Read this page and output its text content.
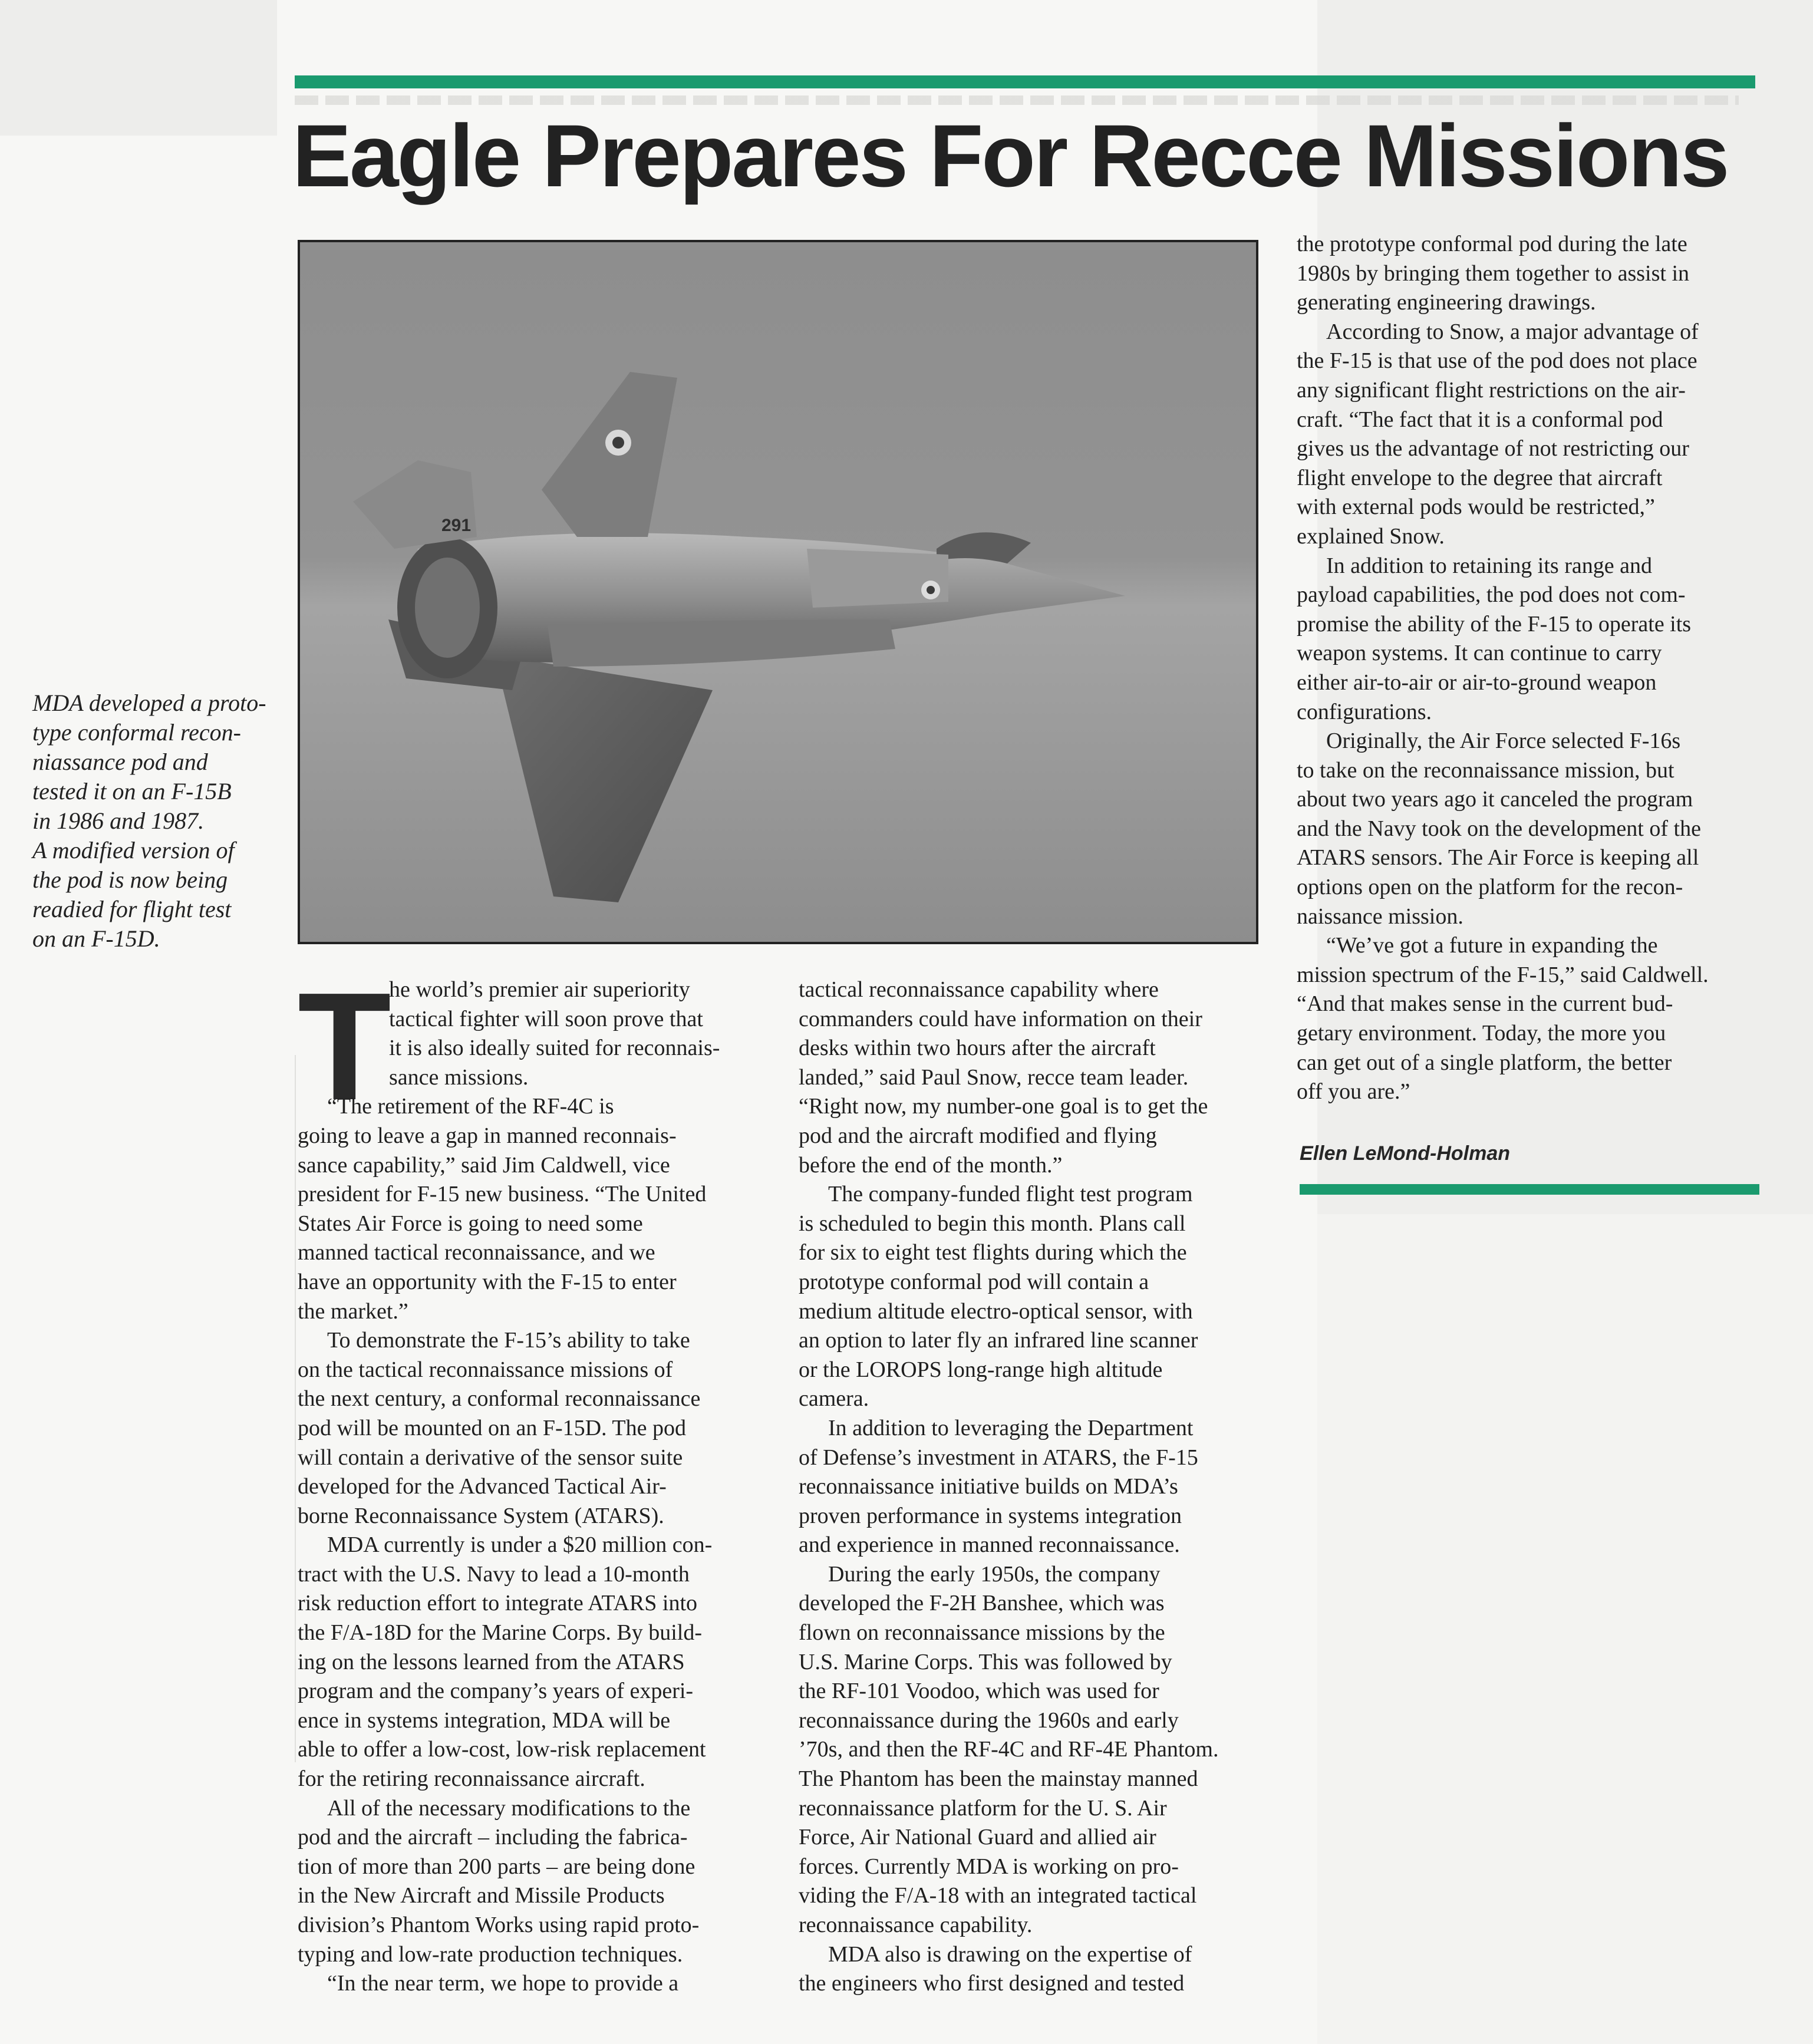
Eagle Prepares For Recce Missions
291
MDA developed a proto-
type conformal recon-
niassance pod and
tested it on an F-15B
in 1986 and 1987.
A modified version of
the pod is now being
readied for flight test
on an F-15D.
T
he world’s premier air superiority
tactical fighter will soon prove that
it is also ideally suited for reconnais-
sance missions.
“The retirement of the RF-4C is
going to leave a gap in manned reconnais-
sance capability,” said Jim Caldwell, vice
president for F-15 new business. “The United
States Air Force is going to need some
manned tactical reconnaissance, and we
have an opportunity with the F-15 to enter
the market.”
To demonstrate the F-15’s ability to take
on the tactical reconnaissance missions of
the next century, a conformal reconnaissance
pod will be mounted on an F-15D. The pod
will contain a derivative of the sensor suite
developed for the Advanced Tactical Air-
borne Reconnaissance System (ATARS).
MDA currently is under a $20 million con-
tract with the U.S. Navy to lead a 10-month
risk reduction effort to integrate ATARS into
the F/A-18D for the Marine Corps. By build-
ing on the lessons learned from the ATARS
program and the company’s years of experi-
ence in systems integration, MDA will be
able to offer a low-cost, low-risk replacement
for the retiring reconnaissance aircraft.
All of the necessary modifications to the
pod and the aircraft – including the fabrica-
tion of more than 200 parts – are being done
in the New Aircraft and Missile Products
division’s Phantom Works using rapid proto-
typing and low-rate production techniques.
“In the near term, we hope to provide a
tactical reconnaissance capability where
commanders could have information on their
desks within two hours after the aircraft
landed,” said Paul Snow, recce team leader.
“Right now, my number-one goal is to get the
pod and the aircraft modified and flying
before the end of the month.”
The company-funded flight test program
is scheduled to begin this month. Plans call
for six to eight test flights during which the
prototype conformal pod will contain a
medium altitude electro-optical sensor, with
an option to later fly an infrared line scanner
or the LOROPS long-range high altitude
camera.
In addition to leveraging the Department
of Defense’s investment in ATARS, the F-15
reconnaissance initiative builds on MDA’s
proven performance in systems integration
and experience in manned reconnaissance.
During the early 1950s, the company
developed the F-2H Banshee, which was
flown on reconnaissance missions by the
U.S. Marine Corps. This was followed by
the RF-101 Voodoo, which was used for
reconnaissance during the 1960s and early
’70s, and then the RF-4C and RF-4E Phantom.
The Phantom has been the mainstay manned
reconnaissance platform for the U. S. Air
Force, Air National Guard and allied air
forces. Currently MDA is working on pro-
viding the F/A-18 with an integrated tactical
reconnaissance capability.
MDA also is drawing on the expertise of
the engineers who first designed and tested
the prototype conformal pod during the late
1980s by bringing them together to assist in
generating engineering drawings.
According to Snow, a major advantage of
the F-15 is that use of the pod does not place
any significant flight restrictions on the air-
craft. “The fact that it is a conformal pod
gives us the advantage of not restricting our
flight envelope to the degree that aircraft
with external pods would be restricted,”
explained Snow.
In addition to retaining its range and
payload capabilities, the pod does not com-
promise the ability of the F-15 to operate its
weapon systems. It can continue to carry
either air-to-air or air-to-ground weapon
configurations.
Originally, the Air Force selected F-16s
to take on the reconnaissance mission, but
about two years ago it canceled the program
and the Navy took on the development of the
ATARS sensors. The Air Force is keeping all
options open on the platform for the recon-
naissance mission.
“We’ve got a future in expanding the
mission spectrum of the F-15,” said Caldwell.
“And that makes sense in the current bud-
getary environment. Today, the more you
can get out of a single platform, the better
off you are.”
Ellen LeMond-Holman
